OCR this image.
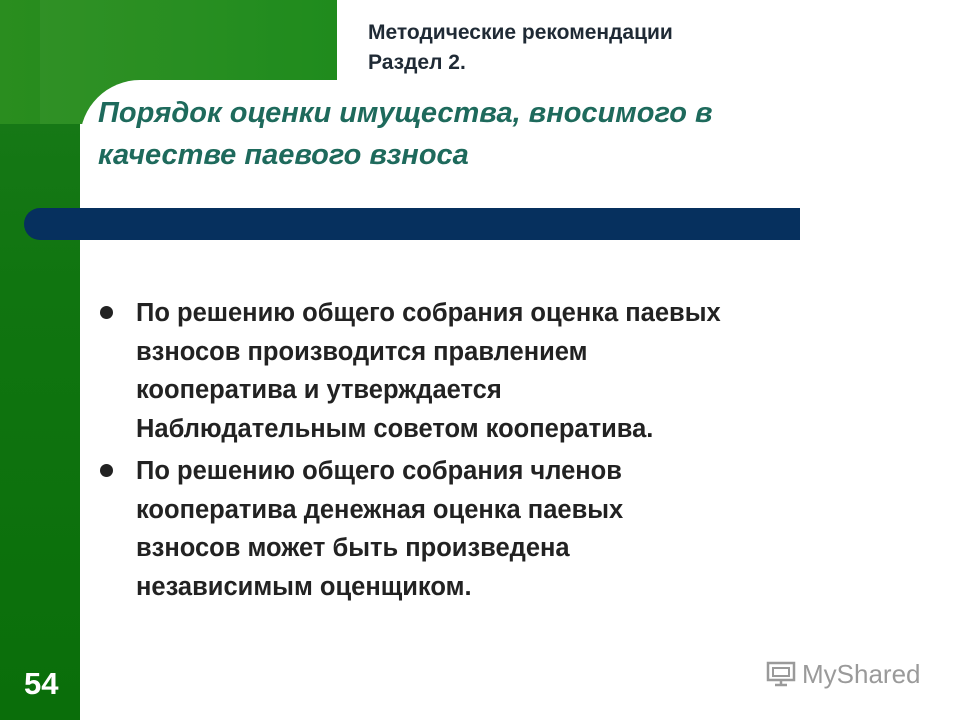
Методические рекомендации
Раздел 2.
Порядок оценки имущества, вносимого в
качестве паевого взноса
По решению общего собрания оценка паевых
взносов производится правлением
кооператива и утверждается
Наблюдательным советом кооператива.
По решению общего собрания членов
кооператива денежная оценка паевых
взносов может быть произведена
независимым оценщиком.
54	MyShared
